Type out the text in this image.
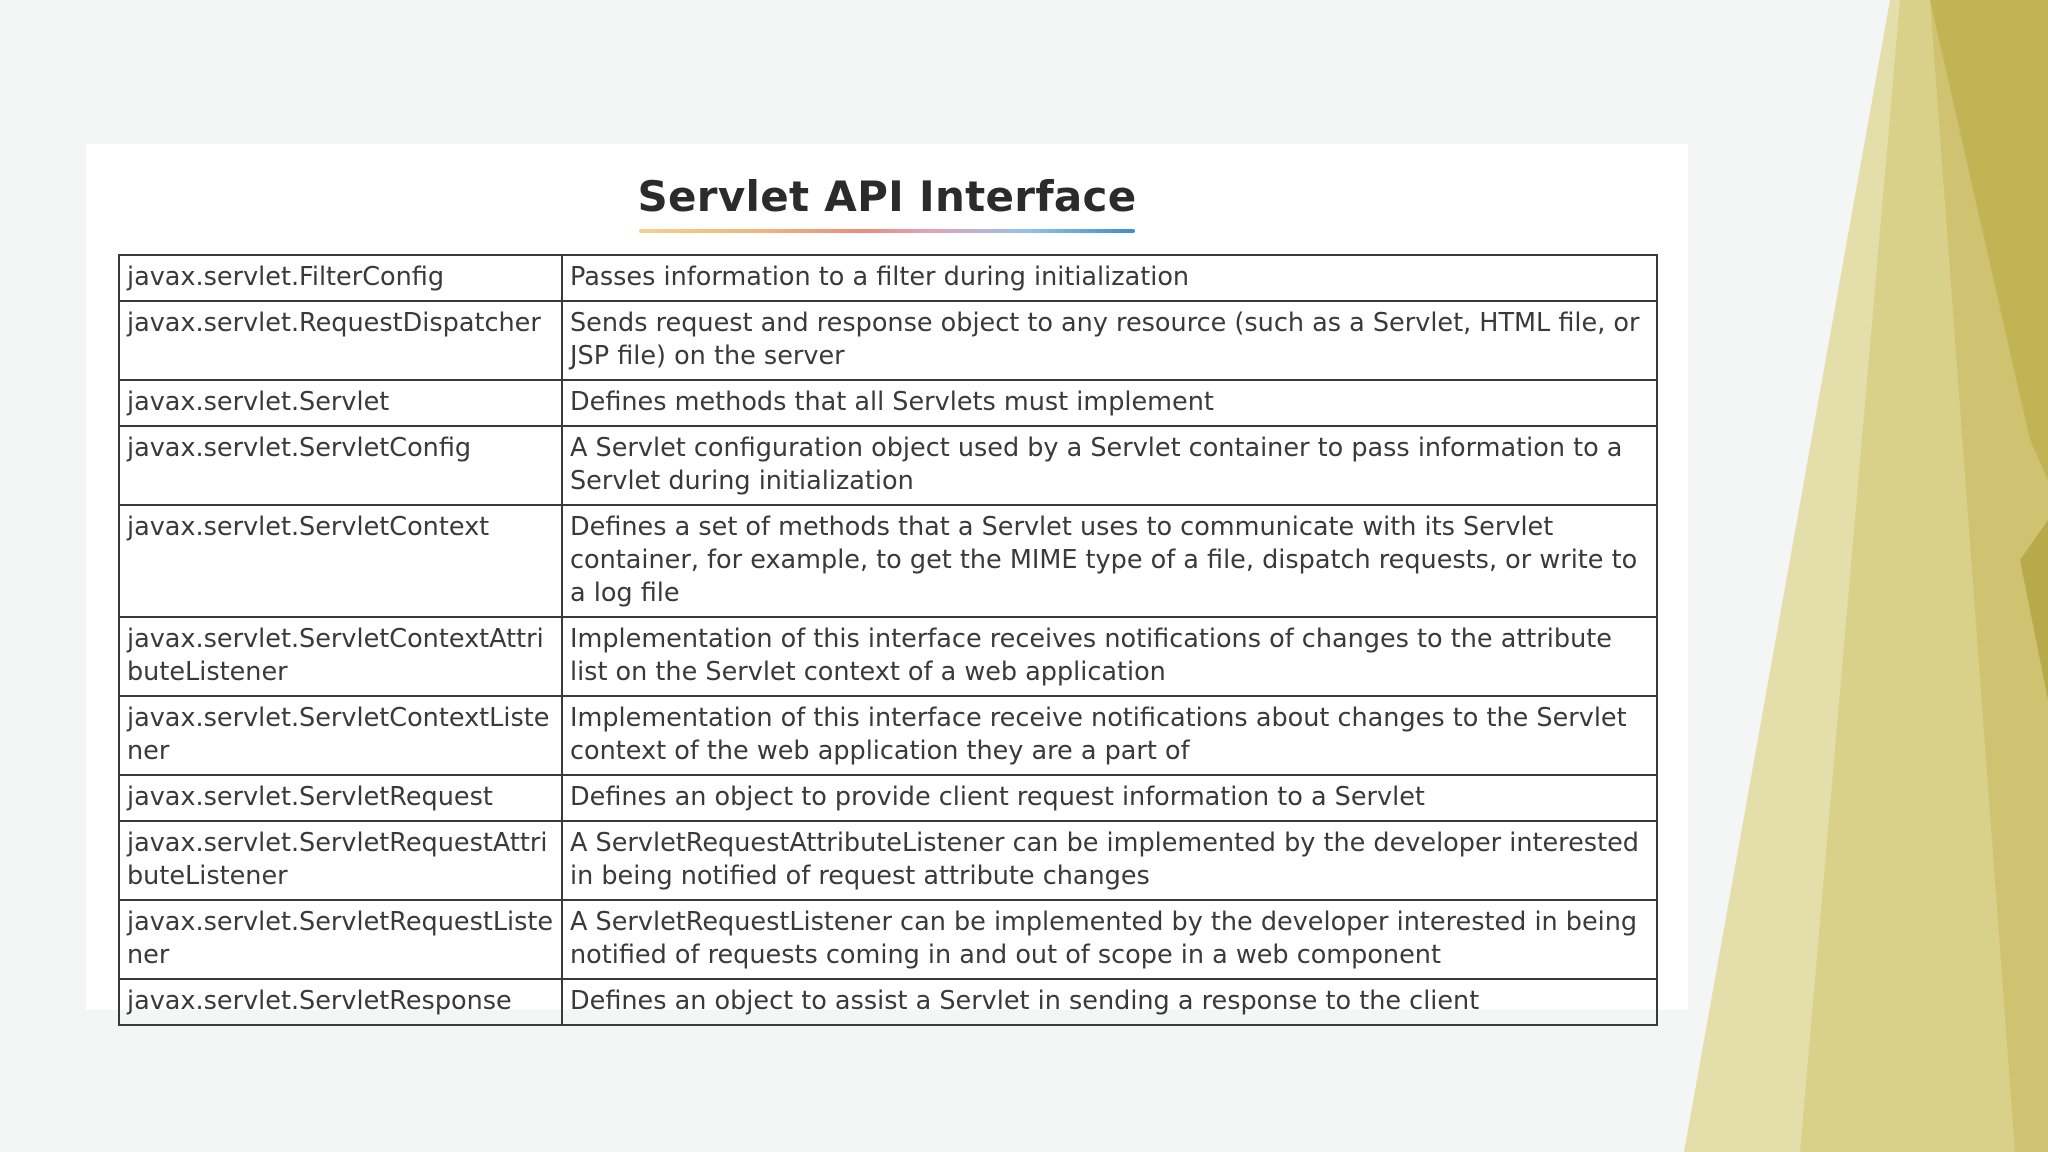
Servlet API Interface
javax.servlet.FilterConfig	Passes information to a filter during initialization
javax.servlet.RequestDispatcher	Sends request and response object to any resource (such as a Servlet, HTML file, or JSP file) on the server
javax.servlet.Servlet	Defines methods that all Servlets must implement
javax.servlet.ServletConfig	A Servlet configuration object used by a Servlet container to pass information to a Servlet during initialization
javax.servlet.ServletContext	Defines a set of methods that a Servlet uses to communicate with its Servlet container, for example, to get the MIME type of a file, dispatch requests, or write to a log file
javax.servlet.ServletContextAttributeListener	Implementation of this interface receives notifications of changes to the attribute list on the Servlet context of a web application
javax.servlet.ServletContextListener	Implementation of this interface receive notifications about changes to the Servlet context of the web application they are a part of
javax.servlet.ServletRequest	Defines an object to provide client request information to a Servlet
javax.servlet.ServletRequestAttributeListener	A ServletRequestAttributeListener can be implemented by the developer interested in being notified of request attribute changes
javax.servlet.ServletRequestListener	A ServletRequestListener can be implemented by the developer interested in being notified of requests coming in and out of scope in a web component
javax.servlet.ServletResponse	Defines an object to assist a Servlet in sending a response to the client
